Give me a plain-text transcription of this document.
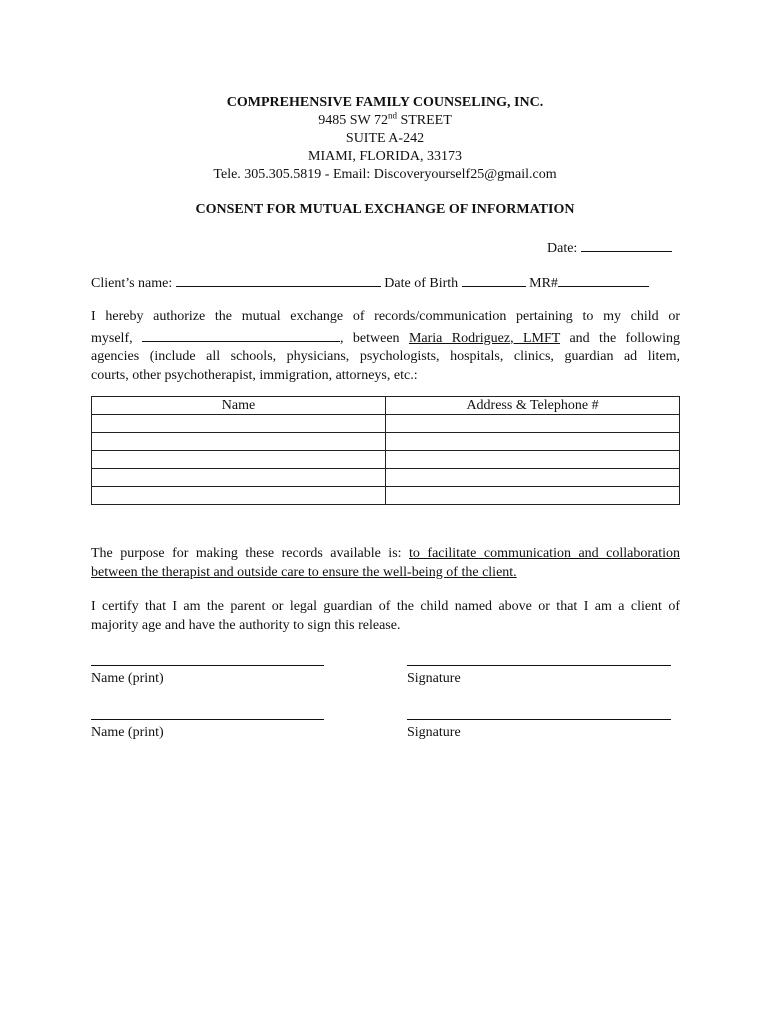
COMPREHENSIVE FAMILY COUNSELING, INC.
9485 SW 72nd STREET
SUITE A-242
MIAMI, FLORIDA, 33173
Tele. 305.305.5819 - Email: Discoveryourself25@gmail.com
CONSENT FOR MUTUAL EXCHANGE OF INFORMATION
Date:
Client’s name:	Date of Birth	MR#
I hereby authorize the mutual exchange of records/communication pertaining to my child or
myself,	, between Maria Rodriguez, LMFT and the following
agencies (include all schools, physicians, psychologists, hospitals, clinics, guardian ad litem,
courts, other psychotherapist, immigration, attorneys, etc.:
Name	Address & Telephone #

The purpose for making these records available is: to facilitate communication and collaboration
between the therapist and outside care to ensure the well-being of the client.
I certify that I am the parent or legal guardian of the child named above or that I am a client of
majority age and have the authority to sign this release.
Name (print)	Signature
Name (print)	Signature
